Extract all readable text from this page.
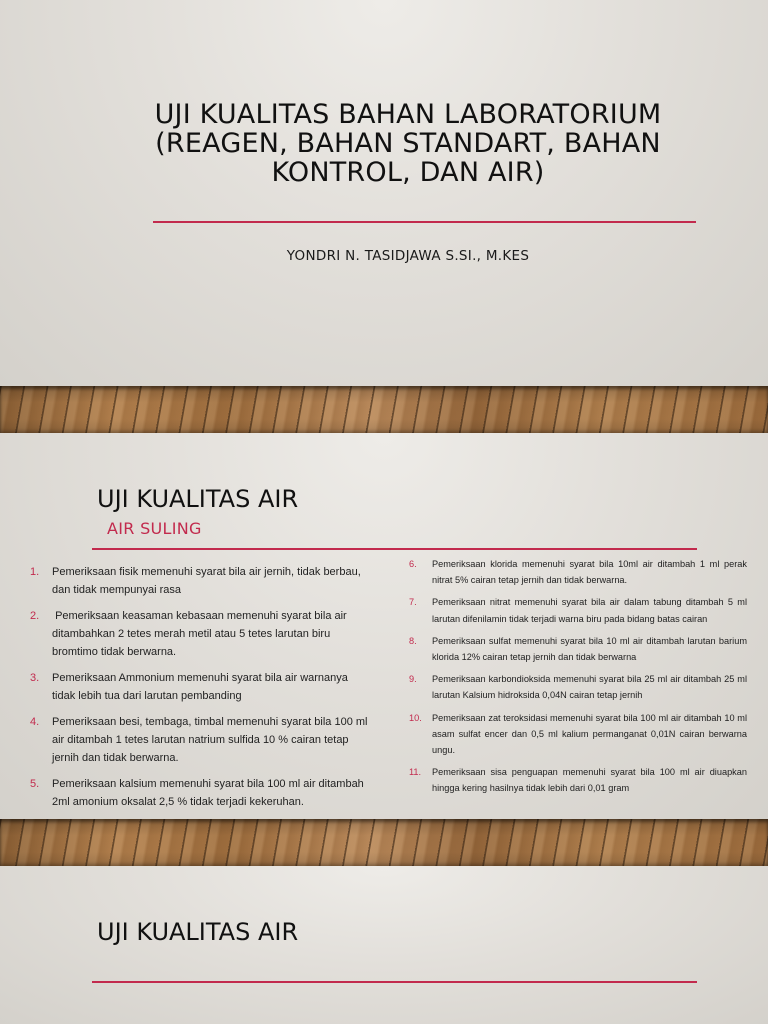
UJI KUALITAS BAHAN LABORATORIUM
(REAGEN, BAHAN STANDART, BAHAN
KONTROL, DAN AIR)
YONDRI N. TASIDJAWA S.SI., M.KES
UJI KUALITAS AIR
AIR SULING
1.	Pemeriksaan fisik memenuhi syarat bila air jernih, tidak berbau, dan tidak mempunyai rasa
2.	Pemeriksaan keasaman kebasaan memenuhi syarat bila air ditambahkan 2 tetes merah metil atau 5 tetes larutan biru bromtimo tidak berwarna.
3.	Pemeriksaan Ammonium memenuhi syarat bila air warnanya tidak lebih tua dari larutan pembanding
4.	Pemeriksaan besi, tembaga, timbal memenuhi syarat bila 100 ml air ditambah 1 tetes larutan natrium sulfida 10 % cairan tetap jernih dan tidak berwarna.
5.	Pemeriksaan kalsium memenuhi syarat bila 100 ml air ditambah 2ml amonium oksalat 2,5 % tidak terjadi kekeruhan.
6.	Pemeriksaan klorida memenuhi syarat bila 10ml air ditambah 1 ml perak nitrat 5% cairan tetap jernih dan tidak berwarna.
7.	Pemeriksaan nitrat memenuhi syarat bila air dalam tabung ditambah 5 ml larutan difenilamin tidak terjadi warna biru pada bidang batas cairan
8.	Pemeriksaan sulfat memenuhi syarat bila 10 ml air ditambah larutan barium klorida 12% cairan tetap jernih dan tidak berwarna
9.	Pemeriksaan karbondioksida memenuhi syarat bila 25 ml air ditambah 25 ml larutan Kalsium hidroksida 0,04N cairan tetap jernih
10.	Pemeriksaan zat teroksidasi memenuhi syarat bila 100 ml air ditambah 10 ml asam sulfat encer dan 0,5 ml kalium permanganat 0,01N cairan berwarna ungu.
11.	Pemeriksaan sisa penguapan memenuhi syarat bila 100 ml air diuapkan hingga kering hasilnya tidak lebih dari 0,01 gram
UJI KUALITAS AIR
